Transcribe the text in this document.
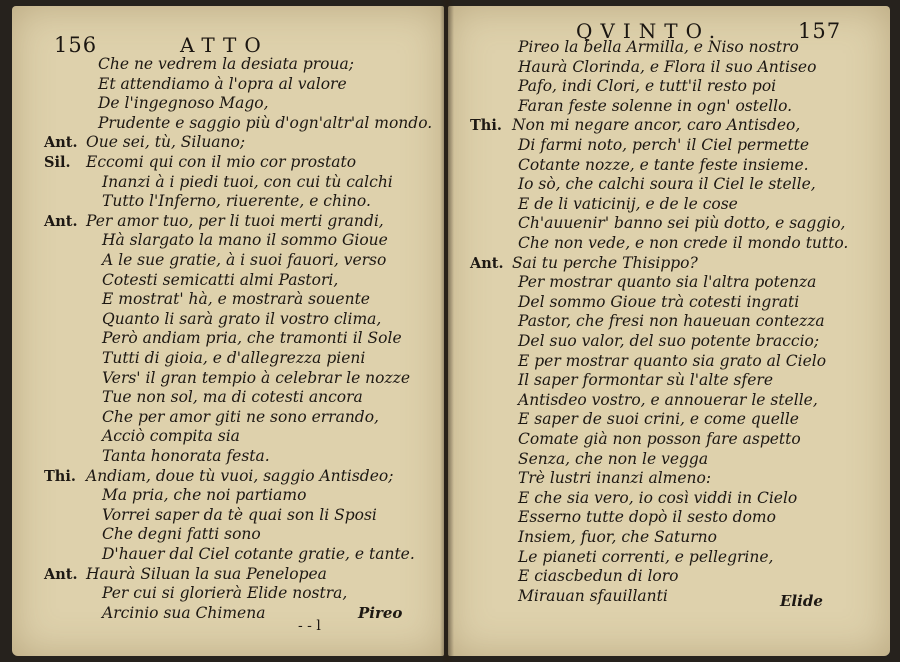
156	ATTO
Che ne vedrem la desiata proua;
Et attendiamo à l'opra al valore
De l'ingegnoso Mago,
Prudente e saggio più d'ogn'altr'al mondo.
Ant. Oue sei, tù, Siluano;
Sil. Eccomi qui con il mio cor prostato
Inanzi à i piedi tuoi, con cui tù calchi
Tutto l'Inferno, riuerente, e chino.
Ant. Per amor tuo, per li tuoi merti grandi,
Hà slargato la mano il sommo Gioue
A le sue gratie, à i suoi fauori, verso
Cotesti semicatti almi Pastori,
E mostrat' hà, e mostrarà souente
Quanto li sarà grato il vostro clima,
Però andiam pria, che tramonti il Sole
Tutti di gioia, e d'allegrezza pieni
Vers' il gran tempio à celebrar le nozze
Tue non sol, ma di cotesti ancora
Che per amor giti ne sono errando,
Acciò compita sia
Tanta honorata festa.
Thi. Andiam, doue tù vuoi, saggio Antisdeo;
Ma pria, che noi partiamo
Vorrei saper da tè quai son li Sposi
Che degni fatti sono
D'hauer dal Ciel cotante gratie, e tante.
Ant. Haurà Siluan la sua Penelopea
Per cui si glorierà Elide nostra,
Arcinio sua Chimena
- - l
Pireo
QVINTO.	157
Pireo la bella Armilla, e Niso nostro
Haurà Clorinda, e Flora il suo Antiseo
Pafo, indi Clori, e tutt'il resto poi
Faran feste solenne in ogn' ostello.
Thi. Non mi negare ancor, caro Antisdeo,
Di farmi noto, perch' il Ciel permette
Cotante nozze, e tante feste insieme.
Io sò, che calchi soura il Ciel le stelle,
E de li vaticinij, e de le cose
Ch'auuenir' banno sei più dotto, e saggio,
Che non vede, e non crede il mondo tutto.
Ant. Sai tu perche Thisippo?
Per mostrar quanto sia l'altra potenza
Del sommo Gioue trà cotesti ingrati
Pastor, che fresi non haueuan contezza
Del suo valor, del suo potente braccio;
E per mostrar quanto sia grato al Cielo
Il saper formontar sù l'alte sfere
Antisdeo vostro, e annouerar le stelle,
E saper de suoi crini, e come quelle
Comate già non posson fare aspetto
Senza, che non le vegga
Trè lustri inanzi almeno:
E che sia vero, io così viddi in Cielo
Esserno tutte dopò il sesto domo
Insiem, fuor, che Saturno
Le pianeti correnti, e pellegrine,
E ciascbedun di loro
Mirauan sfauillanti	Elide
